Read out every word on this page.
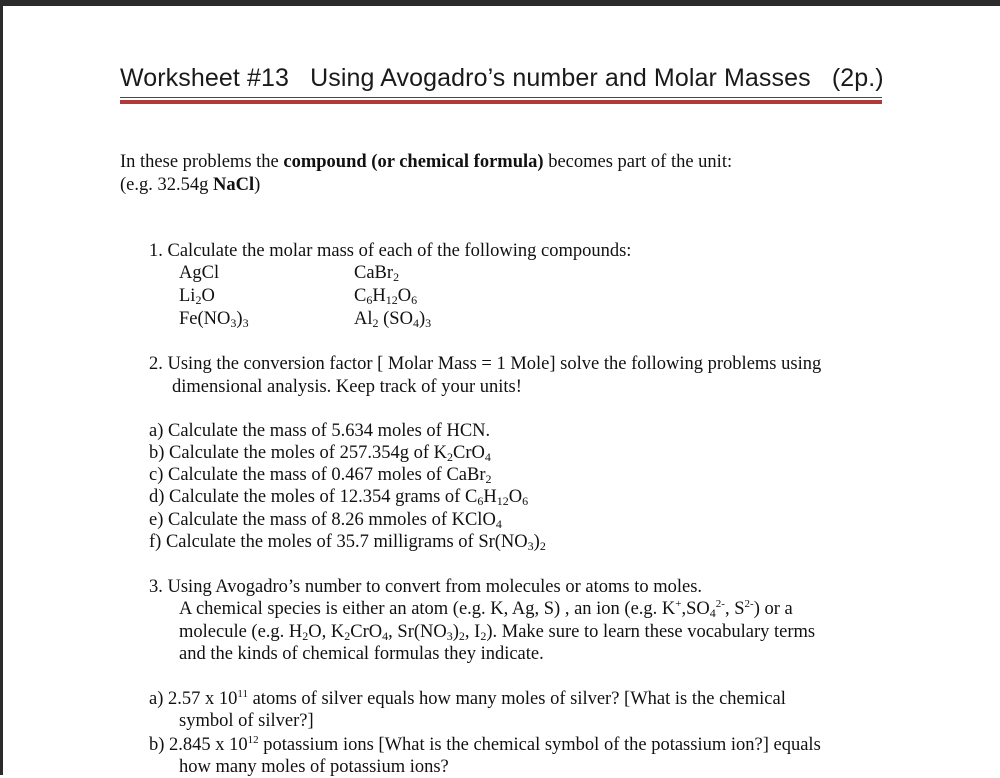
Worksheet #13   Using Avogadro’s number and Molar Masses   (2p.)
In these problems the compound (or chemical formula) becomes part of the unit:
(e.g. 32.54g NaCl)
1. Calculate the molar mass of each of the following compounds:
AgCl
$Li_2O$
$Fe(NO_3)_3$
CaBr$_2$
$C_6H_{12}O_6$
$Al_2$ $(SO_4)_3$
2. Using the conversion factor [ Molar Mass = 1 Mole] solve the following problems using
dimensional analysis. Keep track of your units!
a) Calculate the mass of 5.634 moles of HCN.
b) Calculate the moles of 257.354g of $K_2CrO_4$
c) Calculate the mass of 0.467 moles of CaBr$_2$
d) Calculate the moles of 12.354 grams of $C_6H_{12}O_6$
e) Calculate the mass of 8.26 mmoles of KClO$_4$
f) Calculate the moles of 35.7 milligrams of $Sr(NO_3)_2$
3. Using Avogadro’s number to convert from molecules or atoms to moles.
A chemical species is either an atom (e.g. K, Ag, S) , an ion (e.g. $K^+,SO_4^{2-}$, $S^{2-}$) or a
molecule (e.g. $H_2O$, $K_2CrO_4$, $Sr(NO_3)_2$, $I_2$). Make sure to learn these vocabulary terms
and the kinds of chemical formulas they indicate.
a) 2.57 x $10^{11}$ atoms of silver equals how many moles of silver? [What is the chemical
symbol of silver?]
b) 2.845 x $10^{12}$ potassium ions [What is the chemical symbol of the potassium ion?] equals
how many moles of potassium ions?
